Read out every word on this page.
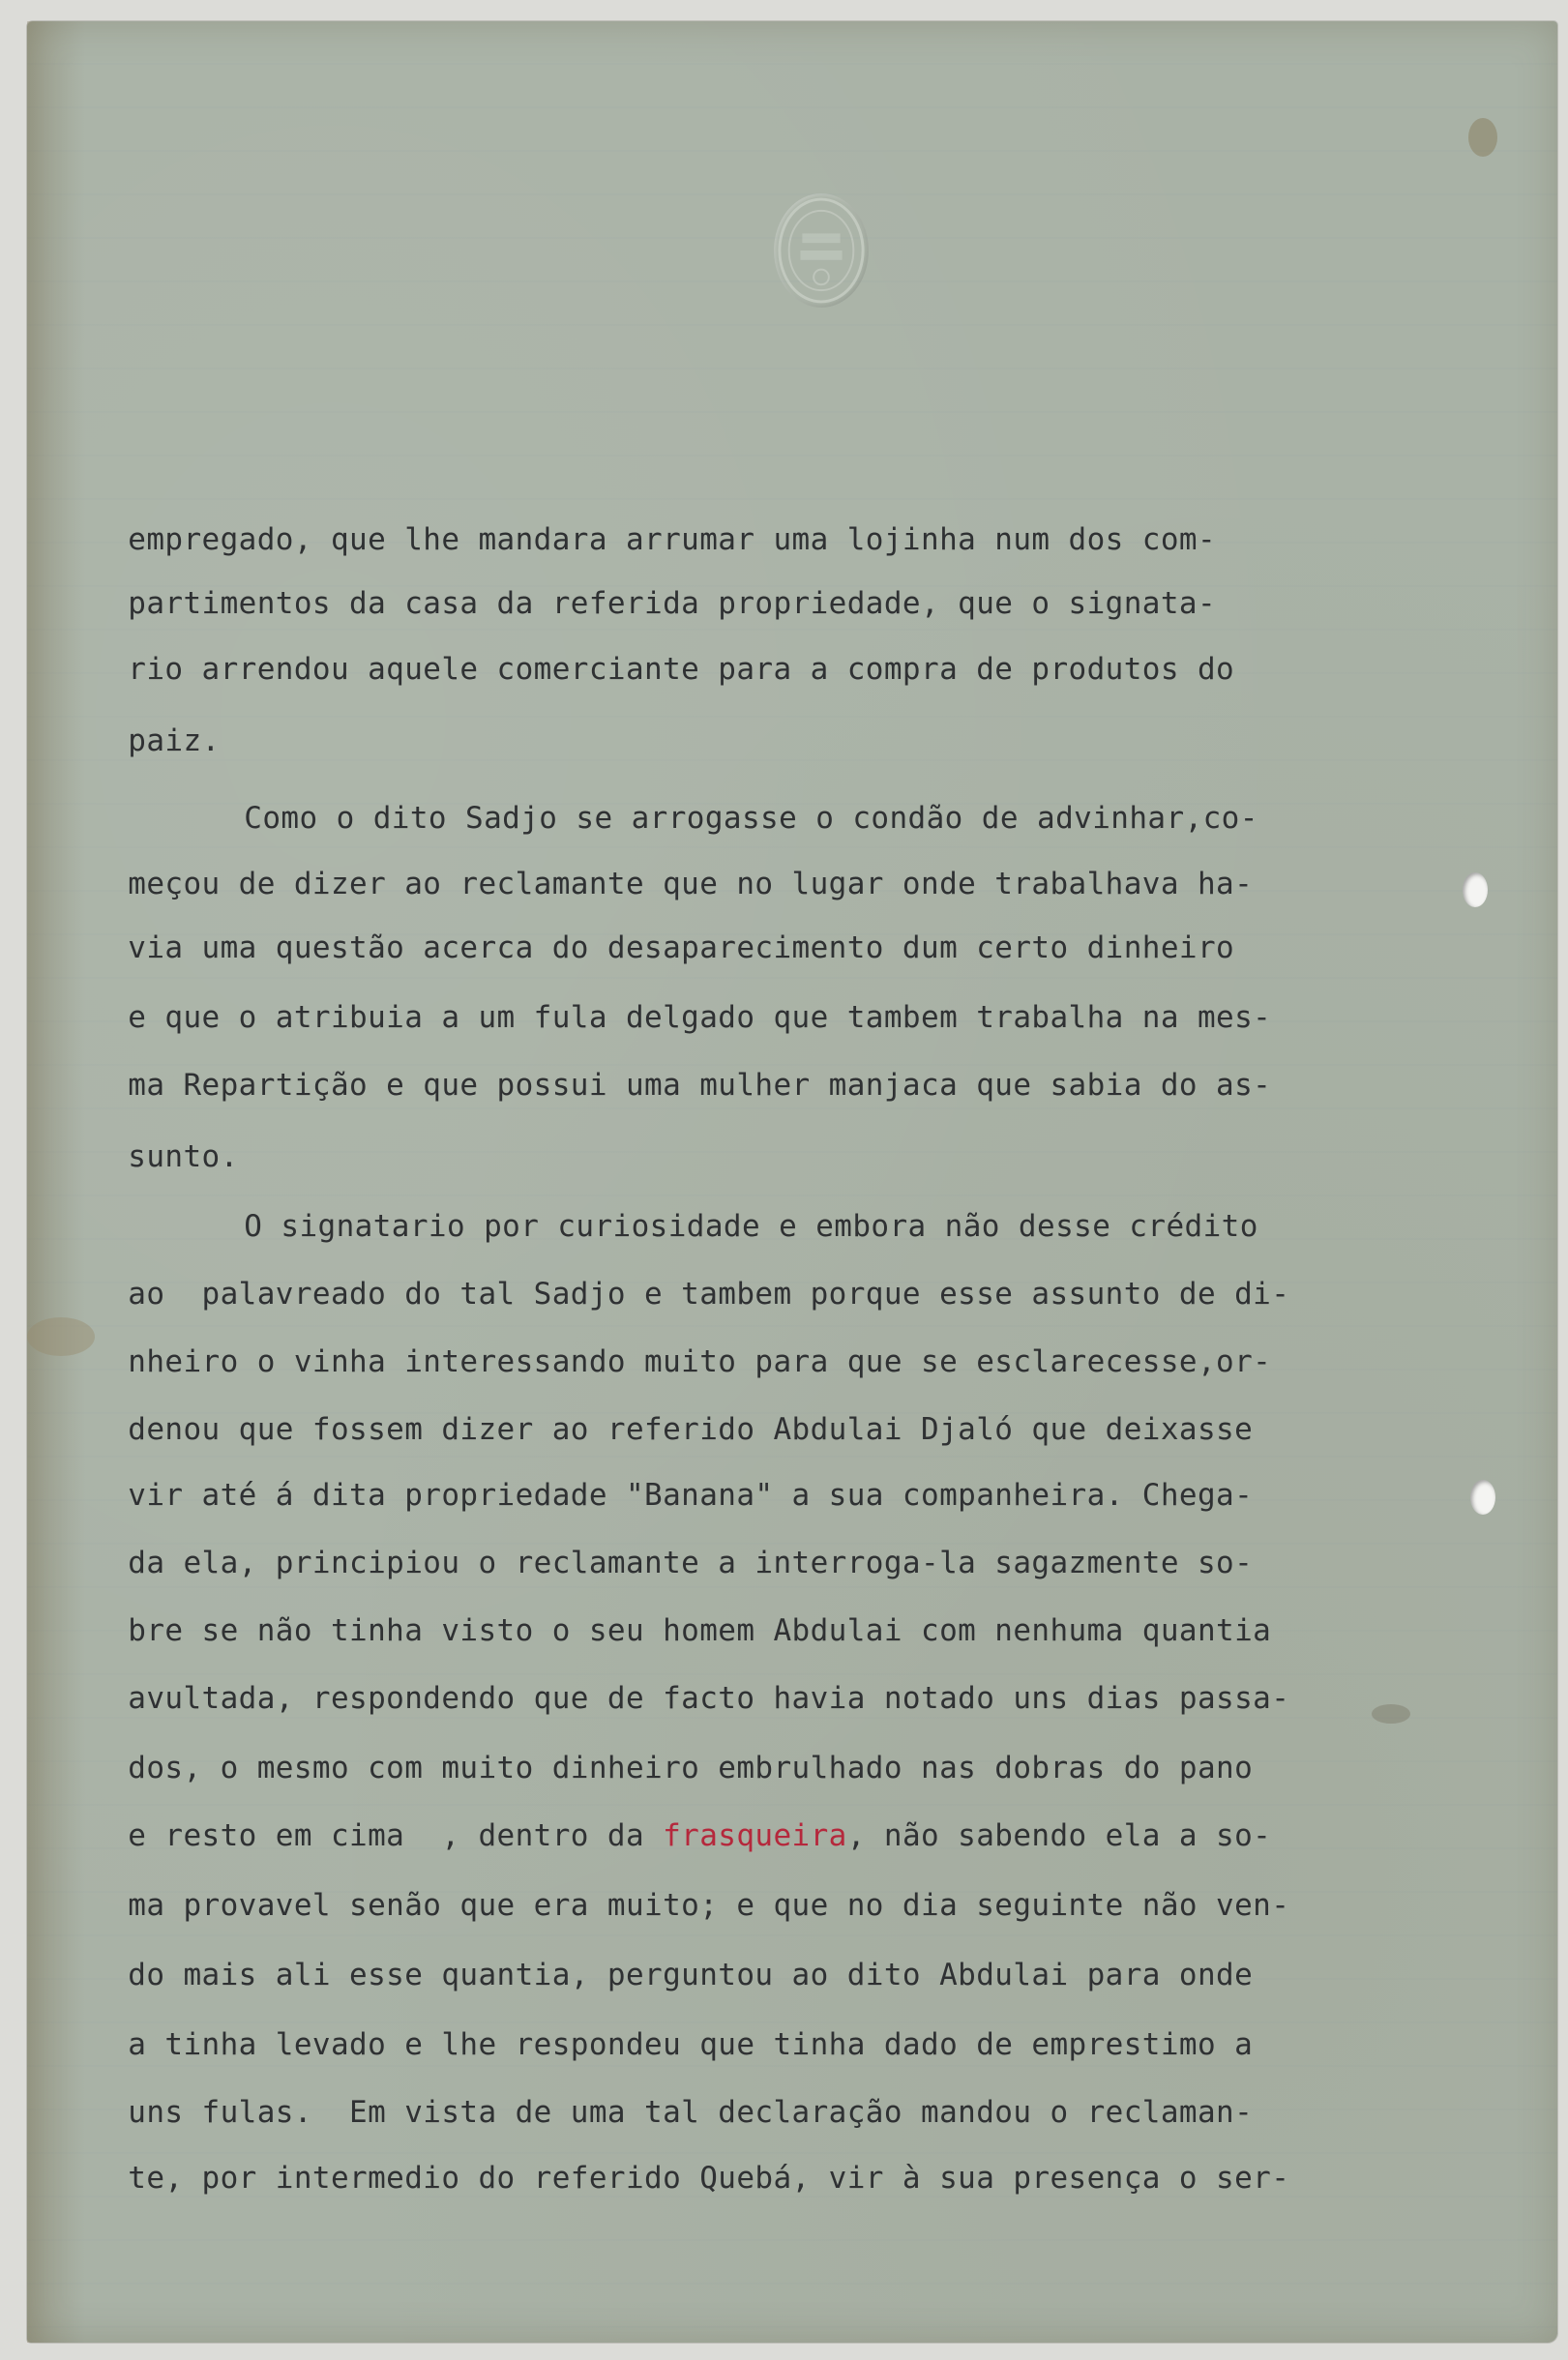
empregado, que lhe mandara arrumar uma lojinha num dos com-

partimentos da casa da referida propriedade, que o signata-

rio arrendou aquele comerciante para a compra de produtos do

paiz.

Como o dito Sadjo se arrogasse o condão de advinhar,co-

meçou de dizer ao reclamante que no lugar onde trabalhava ha-

via uma questão acerca do desaparecimento dum certo dinheiro

e que o atribuia a um fula delgado que tambem trabalha na mes-

ma Repartição e que possui uma mulher manjaca que sabia do as-

sunto.

O signatario por curiosidade e embora não desse crédito

ao  palavreado do tal Sadjo e tambem porque esse assunto de di-

nheiro o vinha interessando muito para que se esclarecesse,or-

denou que fossem dizer ao referido Abdulai Djaló que deixasse

vir até á dita propriedade "Banana" a sua companheira. Chega-

da ela, principiou o reclamante a interroga-la sagazmente so-

bre se não tinha visto o seu homem Abdulai com nenhuma quantia

avultada, respondendo que de facto havia notado uns dias passa-

dos, o mesmo com muito dinheiro embrulhado nas dobras do pano

e resto em cima  , dentro da frasqueira, não sabendo ela a so-

ma provavel senão que era muito; e que no dia seguinte não ven-

do mais ali esse quantia, perguntou ao dito Abdulai para onde

a tinha levado e lhe respondeu que tinha dado de emprestimo a

uns fulas.  Em vista de uma tal declaração mandou o reclaman-

te, por intermedio do referido Quebá, vir à sua presença o ser-
